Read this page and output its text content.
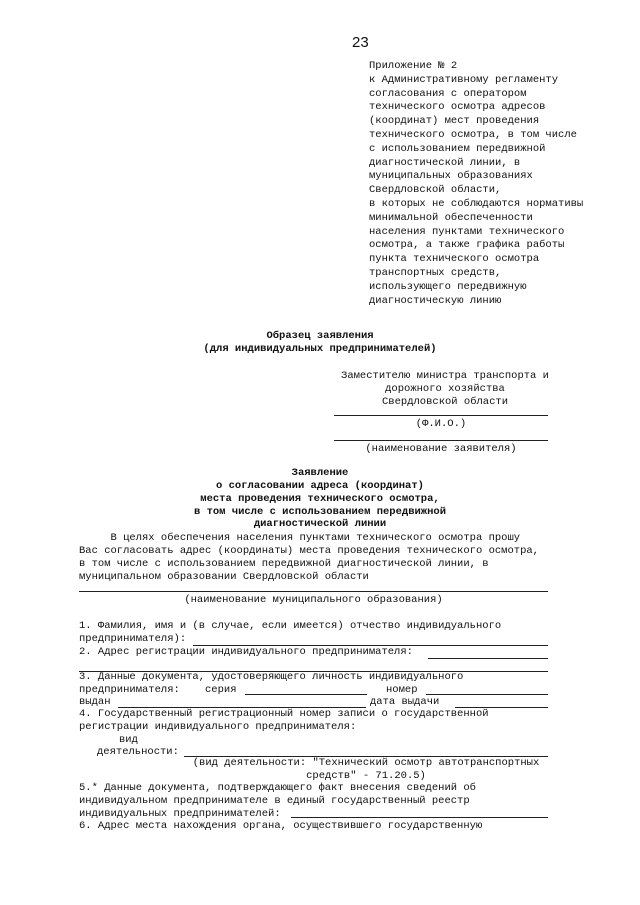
23
Приложение № 2
к Административному регламенту
согласования с оператором
технического осмотра адресов
(координат) мест проведения
технического осмотра, в том числе
с использованием передвижной
диагностической линии, в
муниципальных образованиях
Свердловской области,
в которых не соблюдаются нормативы
минимальной обеспеченности
населения пунктами технического
осмотра, а также графика работы
пункта технического осмотра
транспортных средств,
использующего передвижную
диагностическую линию
Образец заявления
(для индивидуальных предпринимателей)
Заместителю министра транспорта и
дорожного хозяйства
Свердловской области
(Ф.И.О.)
(наименование заявителя)
Заявление
о согласовании адреса (координат)
места проведения технического осмотра,
в том числе с использованием передвижной
диагностической линии
В целях обеспечения населения пунктами технического осмотра прошу
Вас согласовать адрес (координаты) места проведения технического осмотра,
в том числе с использованием передвижной диагностической линии, в
муниципальном образовании Свердловской области
(наименование муниципального образования)
1. Фамилия, имя и (в случае, если имеется) отчество индивидуального
предпринимателя):
2. Адрес регистрации индивидуального предпринимателя:
3. Данные документа, удостоверяющего личность индивидуального
предпринимателя: серия	номер
выдан	дата выдачи
4. Государственный регистрационный номер записи о государственной
регистрации индивидуального предпринимателя:
вид
деятельности:
(вид деятельности: "Технический осмотр автотранспортных
средств" - 71.20.5)
5.* Данные документа, подтверждающего факт внесения сведений об
индивидуальном предпринимателе в единый государственный реестр
индивидуальных предпринимателей:
6. Адрес места нахождения органа, осуществившего государственную
